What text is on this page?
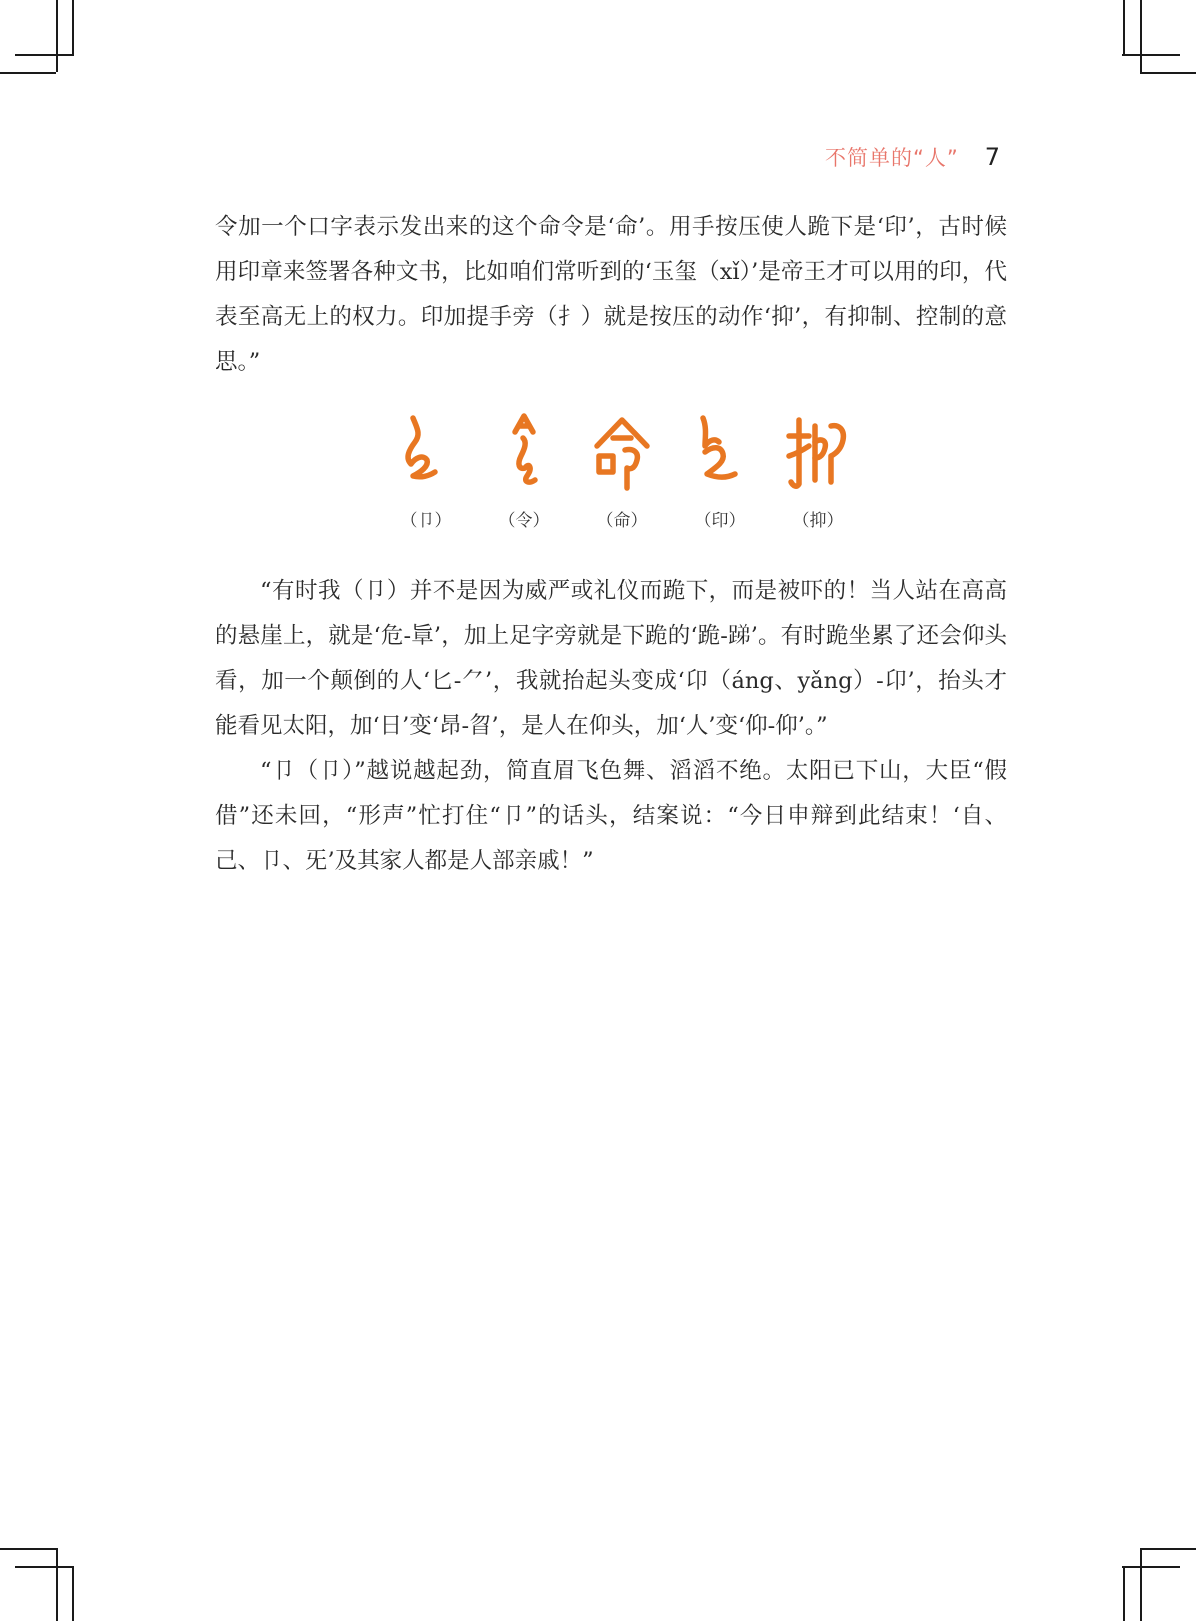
不简单的“人” 7

令加一个口字表示发出来的这个命令是‘命’。用手按压使人跪下是‘印’，古时候用印章来签署各种文书，比如咱们常听到的‘玉玺（xǐ）’是帝王才可以用的印，代表至高无上的权力。印加提手旁（扌）就是按压的动作‘抑’，有抑制、控制的意思。”

（卩）	（令）	（命）	（印）	（抑）

“有时我（卩）并不是因为威严或礼仪而跪下，而是被吓的！当人站在高高的悬崖上，就是‘危-㔬’，加上足字旁就是下跪的‘跪-𨁃’。有时跪坐累了还会仰头看，加一个颠倒的人‘匕-⺈’，我就抬起头变成‘卬（áng、yǎng）-卬’，抬头才能看见太阳，加‘日’变‘昂-㫚’，是人在仰头，加‘人’变‘仰-仰’。”

“卩（卩）”越说越起劲，简直眉飞色舞、滔滔不绝。太阳已下山，大臣“假借”还未回，“形声”忙打住“卩”的话头，结案说：“今日申辩到此结束！‘自、己、卩、旡’及其家人都是人部亲戚！”
